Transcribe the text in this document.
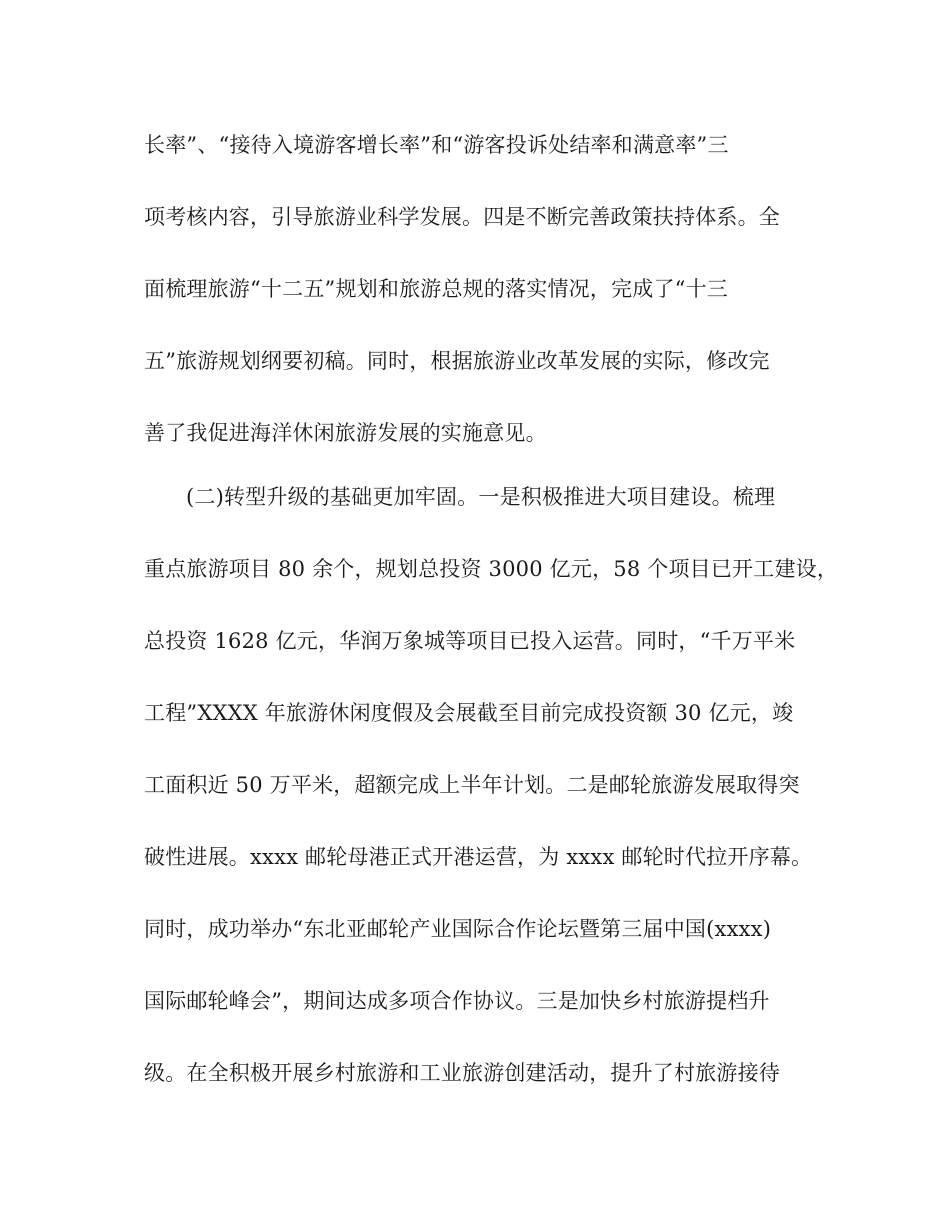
长率”、“接待入境游客增长率”和“游客投诉处结率和满意率”三
项考核内容，引导旅游业科学发展。四是不断完善政策扶持体系。全
面梳理旅游“十二五”规划和旅游总规的落实情况，完成了“十三
五”旅游规划纲要初稿。同时，根据旅游业改革发展的实际，修改完
善了我促进海洋休闲旅游发展的实施意见。
(二)转型升级的基础更加牢固。一是积极推进大项目建设。梳理
重点旅游项目 80 余个，规划总投资 3000 亿元，58 个项目已开工建设，
总投资 1628 亿元，华润万象城等项目已投入运营。同时，“千万平米
工程”XXXX 年旅游休闲度假及会展截至目前完成投资额 30 亿元，竣
工面积近 50 万平米，超额完成上半年计划。二是邮轮旅游发展取得突
破性进展。xxxx 邮轮母港正式开港运营，为 xxxx 邮轮时代拉开序幕。
同时，成功举办“东北亚邮轮产业国际合作论坛暨第三届中国(xxxx)
国际邮轮峰会”，期间达成多项合作协议。三是加快乡村旅游提档升
级。在全积极开展乡村旅游和工业旅游创建活动，提升了村旅游接待
